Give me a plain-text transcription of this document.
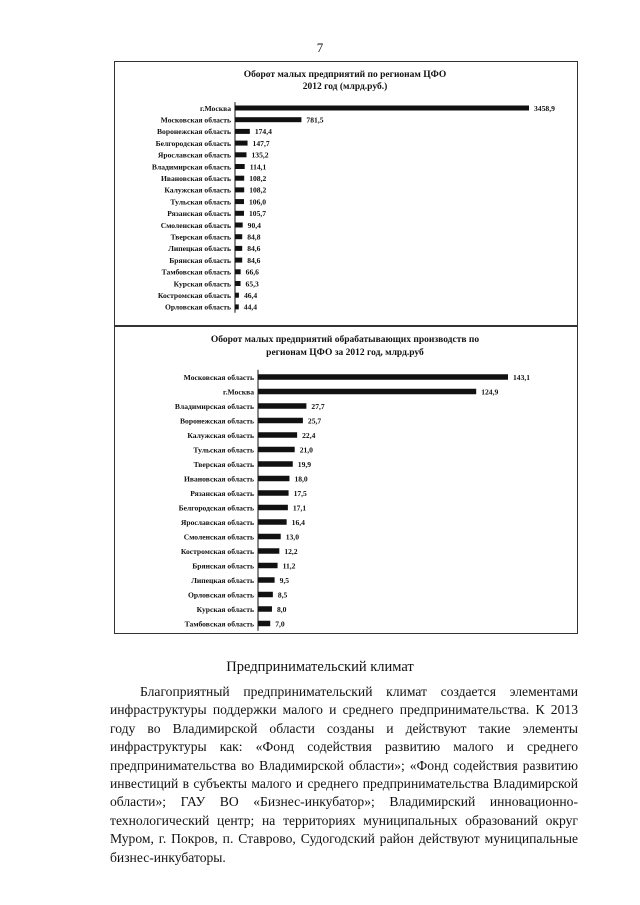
7
Оборот малых предприятий по регионам ЦФО
2012 год (млрд.руб.)
г.Москва	3458,9
Московская область	781,5
Воронежская область	174,4
Белгородская область	147,7
Ярославская область	135,2
Владимирская область 114,1
Ивановская область 108,2
Калужская область 108,2
Тульская область 106,0
Рязанская область 105,7
Смоленская область 90,4
Тверская область 84,8
Липецкая область 84,6
Брянская область 84,6
Тамбовская область 66,6
Курская область 65,3
Костромская область 46,4
Орловская область 44,4
Оборот малых предприятий обрабатывающих производств по
регионам ЦФО за 2012 год, млрд.руб
Московская область	143,1
г.Москва	124,9
Владимирская область	27,7
Воронежская область	25,7
Калужская область	22,4
Тульская область	21,0
Тверская область	19,9
Ивановская область	18,0
Рязанская область	17,5
Белгородская область	17,1
Ярославская область	16,4
Смоленская область	13,0
Костромская область	12,2
Брянская область	11,2
Липецкая область	9,5
Орловская область	8,5
Курская область	8,0
Тамбовская область	7,0
Предпринимательский климат

Благоприятный предпринимательский климат создается элементами инфраструктуры поддержки малого и среднего предпринимательства. К 2013 году во Владимирской области созданы и действуют такие элементы инфраструктуры как: «Фонд содействия развитию малого и среднего предпринимательства во Владимирской области»; «Фонд содействия развитию инвестиций в субъекты малого и среднего предпринимательства Владимирской области»; ГАУ ВО «Бизнес-инкубатор»; Владимирский инновационно-технологический центр; на территориях муниципальных образований округ Муром, г. Покров, п. Ставрово, Судогодский район действуют муниципальные бизнес-инкубаторы.
